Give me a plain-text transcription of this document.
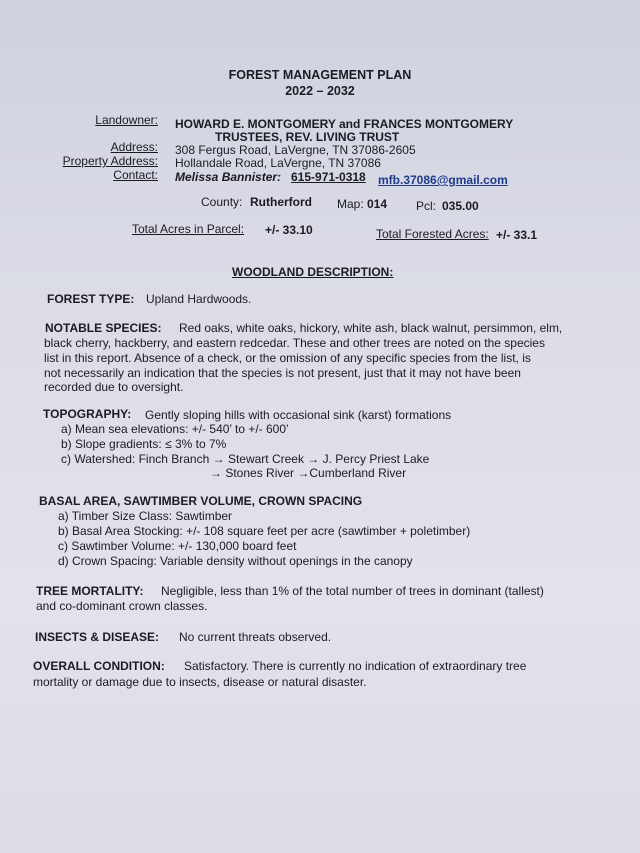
FOREST MANAGEMENT PLAN
2022 – 2032
Landowner: HOWARD E. MONTGOMERY and FRANCES MONTGOMERY
TRUSTEES, REV. LIVING TRUST
Address: 308 Fergus Road, LaVergne, TN 37086-2605
Property Address: Hollandale Road, LaVergne, TN 37086
Contact: Melissa Bannister: 615-971-0318 mfb.37086@gmail.com
County: Rutherford Map: 014 Pcl: 035.00
Total Acres in Parcel: +/- 33.10	Total Forested Acres: +/- 33.1
WOODLAND DESCRIPTION:
FOREST TYPE: Upland Hardwoods.
NOTABLE SPECIES: Red oaks, white oaks, hickory, white ash, black walnut, persimmon, elm,
black cherry, hackberry, and eastern redcedar. These and other trees are noted on the species
list in this report. Absence of a check, or the omission of any specific species from the list, is
not necessarily an indication that the species is not present, just that it may not have been
recorded due to oversight.
TOPOGRAPHY: Gently sloping hills with occasional sink (karst) formations
a) Mean sea elevations: +/- 540’ to +/- 600’
b) Slope gradients: ≤ 3% to 7%
c) Watershed: Finch Branch → Stewart Creek → J. Percy Priest Lake
→ Stones River →Cumberland River
BASAL AREA, SAWTIMBER VOLUME, CROWN SPACING
a) Timber Size Class: Sawtimber
b) Basal Area Stocking: +/- 108 square feet per acre (sawtimber + poletimber)
c) Sawtimber Volume: +/- 130,000 board feet
d) Crown Spacing: Variable density without openings in the canopy
TREE MORTALITY: Negligible, less than 1% of the total number of trees in dominant (tallest)
and co-dominant crown classes.
INSECTS & DISEASE: No current threats observed.
OVERALL CONDITION: Satisfactory. There is currently no indication of extraordinary tree
mortality or damage due to insects, disease or natural disaster.
